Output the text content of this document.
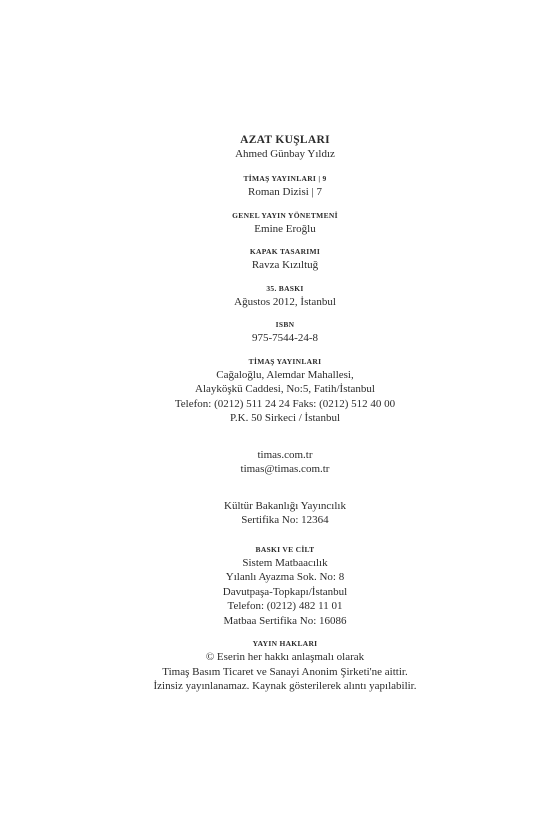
AZAT KUŞLARI

Ahmed Günbay Yıldız

TİMAŞ YAYINLARI | 9

Roman Dizisi | 7

GENEL YAYIN YÖNETMENİ

Emine Eroğlu

KAPAK TASARIMI

Ravza Kızıltuğ

35. BASKI

Ağustos 2012, İstanbul

ISBN

975-7544-24-8

TİMAŞ YAYINLARI

Cağaloğlu, Alemdar Mahallesi,

Alayköşkü Caddesi, No:5, Fatih/İstanbul

Telefon: (0212) 511 24 24 Faks: (0212) 512 40 00

P.K. 50 Sirkeci / İstanbul

timas.com.tr

timas@timas.com.tr

Kültür Bakanlığı Yayıncılık

Sertifika No: 12364

BASKI VE CİLT

Sistem Matbaacılık

Yılanlı Ayazma Sok. No: 8

Davutpaşa-Topkapı/İstanbul

Telefon: (0212) 482 11 01

Matbaa Sertifika No: 16086

YAYIN HAKLARI

© Eserin her hakkı anlaşmalı olarak

Timaş Basım Ticaret ve Sanayi Anonim Şirketi'ne aittir.

İzinsiz yayınlanamaz. Kaynak gösterilerek alıntı yapılabilir.
